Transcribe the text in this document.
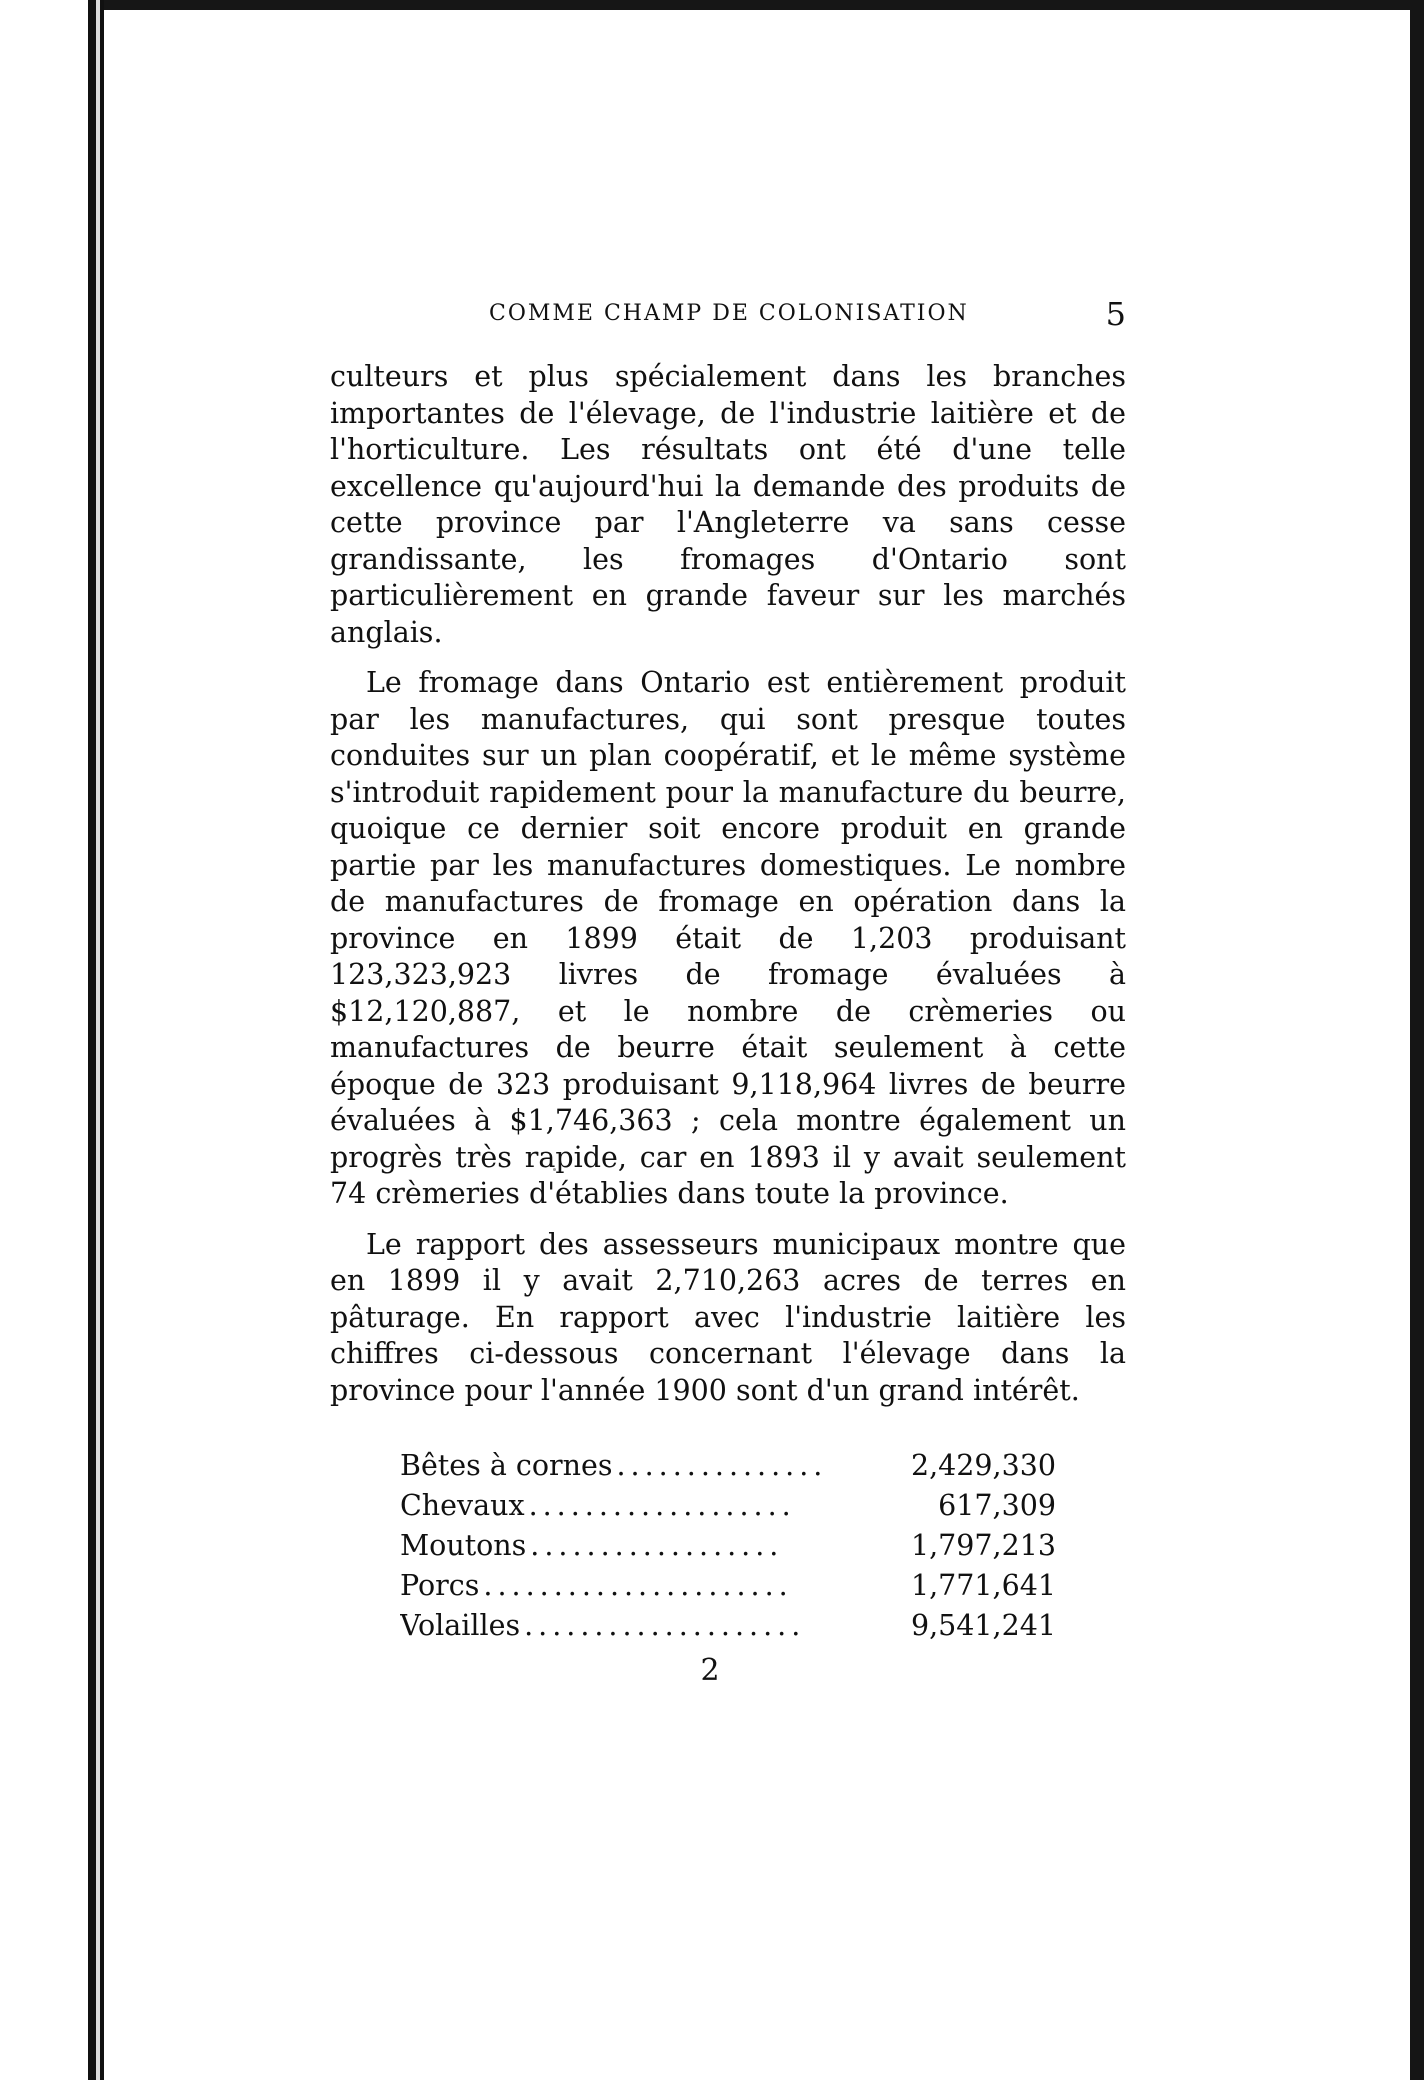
COMME CHAMP DE COLONISATION	5

culteurs et plus spécialement dans les branches importantes de l'élevage, de l'industrie laitière et de l'horticulture. Les résultats ont été d'une telle excellence qu'aujourd'hui la demande des produits de cette province par l'Angleterre va sans cesse grandissante, les fromages d'Ontario sont particulièrement en grande faveur sur les marchés anglais.

Le fromage dans Ontario est entièrement produit par les manufactures, qui sont presque toutes conduites sur un plan coopératif, et le même système s'introduit rapidement pour la manufacture du beurre, quoique ce dernier soit encore produit en grande partie par les manufactures domestiques. Le nombre de manufactures de fromage en opération dans la province en 1899 était de 1,203 produisant 123,323,923 livres de fromage évaluées à $12,120,887, et le nombre de crèmeries ou manufactures de beurre était seulement à cette époque de 323 produisant 9,118,964 livres de beurre évaluées à $1,746,363 ; cela montre également un progrès très rapide, car en 1893 il y avait seulement 74 crèmeries d'établies dans toute la province.

Le rapport des assesseurs municipaux montre que en 1899 il y avait 2,710,263 acres de terres en pâturage. En rapport avec l'industrie laitière les chiffres ci-dessous concernant l'élevage dans la province pour l'année 1900 sont d'un grand intérêt.

Bêtes à cornes ...............	2,429,330
Chevaux ...................	617,309
Moutons ..................	1,797,213
Porcs ......................	1,771,641
Volailles ....................	9,541,241
2
